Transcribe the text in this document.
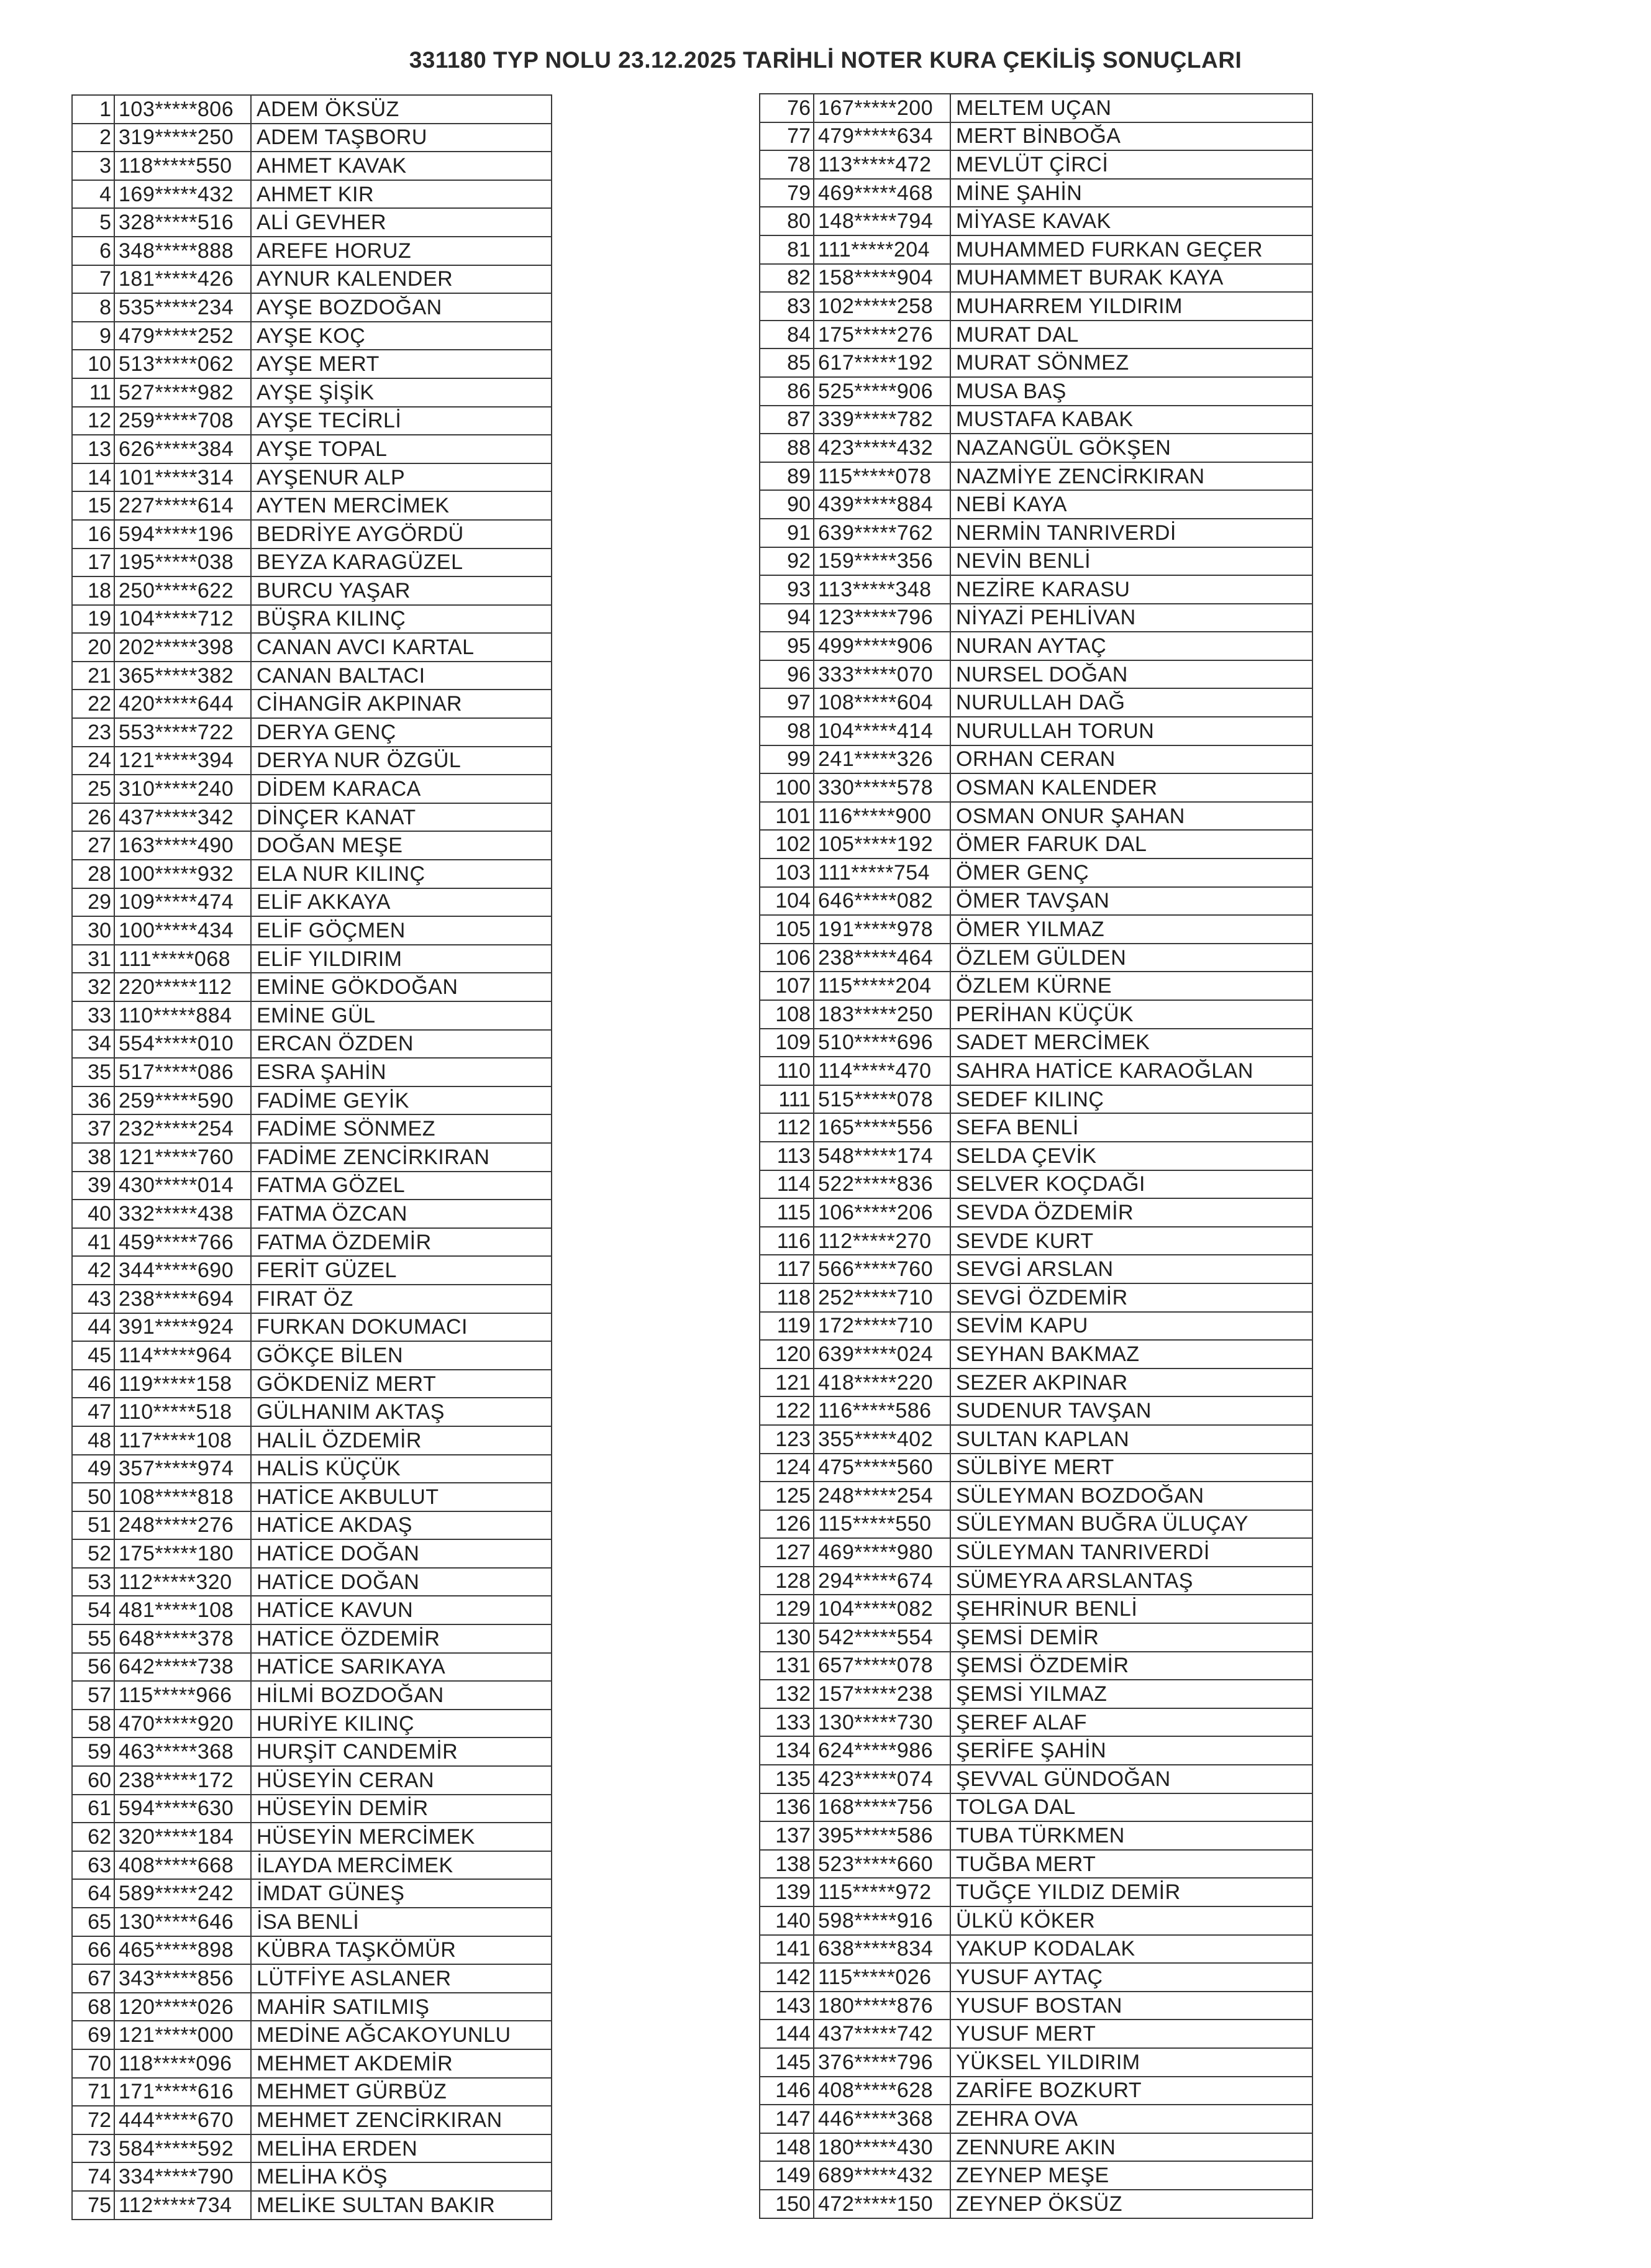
331180 TYP NOLU 23.12.2025 TARİHLİ NOTER KURA ÇEKİLİŞ SONUÇLARI
1	103*****806	ADEM ÖKSÜZ
2	319*****250	ADEM TAŞBORU
3	118*****550	AHMET KAVAK
4	169*****432	AHMET KIR
5	328*****516	ALİ GEVHER
6	348*****888	AREFE HORUZ
7	181*****426	AYNUR KALENDER
8	535*****234	AYŞE BOZDOĞAN
9	479*****252	AYŞE KOÇ
10	513*****062	AYŞE MERT
11	527*****982	AYŞE ŞİŞİK
12	259*****708	AYŞE TECİRLİ
13	626*****384	AYŞE TOPAL
14	101*****314	AYŞENUR ALP
15	227*****614	AYTEN MERCİMEK
16	594*****196	BEDRİYE AYGÖRDÜ
17	195*****038	BEYZA KARAGÜZEL
18	250*****622	BURCU YAŞAR
19	104*****712	BÜŞRA KILINÇ
20	202*****398	CANAN AVCI KARTAL
21	365*****382	CANAN BALTACI
22	420*****644	CİHANGİR AKPINAR
23	553*****722	DERYA GENÇ
24	121*****394	DERYA NUR ÖZGÜL
25	310*****240	DİDEM KARACA
26	437*****342	DİNÇER KANAT
27	163*****490	DOĞAN MEŞE
28	100*****932	ELA NUR KILINÇ
29	109*****474	ELİF AKKAYA
30	100*****434	ELİF GÖÇMEN
31	111*****068	ELİF YILDIRIM
32	220*****112	EMİNE GÖKDOĞAN
33	110*****884	EMİNE GÜL
34	554*****010	ERCAN ÖZDEN
35	517*****086	ESRA ŞAHİN
36	259*****590	FADİME GEYİK
37	232*****254	FADİME SÖNMEZ
38	121*****760	FADİME ZENCİRKIRAN
39	430*****014	FATMA GÖZEL
40	332*****438	FATMA ÖZCAN
41	459*****766	FATMA ÖZDEMİR
42	344*****690	FERİT GÜZEL
43	238*****694	FIRAT ÖZ
44	391*****924	FURKAN DOKUMACI
45	114*****964	GÖKÇE BİLEN
46	119*****158	GÖKDENİZ MERT
47	110*****518	GÜLHANIM AKTAŞ
48	117*****108	HALİL ÖZDEMİR
49	357*****974	HALİS KÜÇÜK
50	108*****818	HATİCE AKBULUT
51	248*****276	HATİCE AKDAŞ
52	175*****180	HATİCE DOĞAN
53	112*****320	HATİCE DOĞAN
54	481*****108	HATİCE KAVUN
55	648*****378	HATİCE ÖZDEMİR
56	642*****738	HATİCE SARIKAYA
57	115*****966	HİLMİ BOZDOĞAN
58	470*****920	HURİYE KILINÇ
59	463*****368	HURŞİT CANDEMİR
60	238*****172	HÜSEYİN CERAN
61	594*****630	HÜSEYİN DEMİR
62	320*****184	HÜSEYİN MERCİMEK
63	408*****668	İLAYDA MERCİMEK
64	589*****242	İMDAT GÜNEŞ
65	130*****646	İSA BENLİ
66	465*****898	KÜBRA TAŞKÖMÜR
67	343*****856	LÜTFİYE ASLANER
68	120*****026	MAHİR SATILMIŞ
69	121*****000	MEDİNE AĞCAKOYUNLU
70	118*****096	MEHMET AKDEMİR
71	171*****616	MEHMET GÜRBÜZ
72	444*****670	MEHMET ZENCİRKIRAN
73	584*****592	MELİHA ERDEN
74	334*****790	MELİHA KÖŞ
75	112*****734	MELİKE SULTAN BAKIR
76	167*****200	MELTEM UÇAN
77	479*****634	MERT BİNBOĞA
78	113*****472	MEVLÜT ÇİRCİ
79	469*****468	MİNE ŞAHİN
80	148*****794	MİYASE KAVAK
81	111*****204	MUHAMMED FURKAN GEÇER
82	158*****904	MUHAMMET BURAK KAYA
83	102*****258	MUHARREM YILDIRIM
84	175*****276	MURAT DAL
85	617*****192	MURAT SÖNMEZ
86	525*****906	MUSA BAŞ
87	339*****782	MUSTAFA KABAK
88	423*****432	NAZANGÜL GÖKŞEN
89	115*****078	NAZMİYE ZENCİRKIRAN
90	439*****884	NEBİ KAYA
91	639*****762	NERMİN TANRIVERDİ
92	159*****356	NEVİN BENLİ
93	113*****348	NEZİRE KARASU
94	123*****796	NİYAZİ PEHLİVAN
95	499*****906	NURAN AYTAÇ
96	333*****070	NURSEL DOĞAN
97	108*****604	NURULLAH DAĞ
98	104*****414	NURULLAH TORUN
99	241*****326	ORHAN CERAN
100	330*****578	OSMAN KALENDER
101	116*****900	OSMAN ONUR ŞAHAN
102	105*****192	ÖMER FARUK DAL
103	111*****754	ÖMER GENÇ
104	646*****082	ÖMER TAVŞAN
105	191*****978	ÖMER YILMAZ
106	238*****464	ÖZLEM GÜLDEN
107	115*****204	ÖZLEM KÜRNE
108	183*****250	PERİHAN KÜÇÜK
109	510*****696	SADET MERCİMEK
110	114*****470	SAHRA HATİCE KARAOĞLAN
111	515*****078	SEDEF KILINÇ
112	165*****556	SEFA BENLİ
113	548*****174	SELDA ÇEVİK
114	522*****836	SELVER KOÇDAĞI
115	106*****206	SEVDA ÖZDEMİR
116	112*****270	SEVDE KURT
117	566*****760	SEVGİ ARSLAN
118	252*****710	SEVGİ ÖZDEMİR
119	172*****710	SEVİM KAPU
120	639*****024	SEYHAN BAKMAZ
121	418*****220	SEZER AKPINAR
122	116*****586	SUDENUR TAVŞAN
123	355*****402	SULTAN KAPLAN
124	475*****560	SÜLBİYE MERT
125	248*****254	SÜLEYMAN BOZDOĞAN
126	115*****550	SÜLEYMAN BUĞRA ÜLUÇAY
127	469*****980	SÜLEYMAN TANRIVERDİ
128	294*****674	SÜMEYRA ARSLANTAŞ
129	104*****082	ŞEHRİNUR BENLİ
130	542*****554	ŞEMSİ DEMİR
131	657*****078	ŞEMSİ ÖZDEMİR
132	157*****238	ŞEMSİ YILMAZ
133	130*****730	ŞEREF ALAF
134	624*****986	ŞERİFE ŞAHİN
135	423*****074	ŞEVVAL GÜNDOĞAN
136	168*****756	TOLGA DAL
137	395*****586	TUBA TÜRKMEN
138	523*****660	TUĞBA MERT
139	115*****972	TUĞÇE YILDIZ DEMİR
140	598*****916	ÜLKÜ KÖKER
141	638*****834	YAKUP KODALAK
142	115*****026	YUSUF AYTAÇ
143	180*****876	YUSUF BOSTAN
144	437*****742	YUSUF MERT
145	376*****796	YÜKSEL YILDIRIM
146	408*****628	ZARİFE BOZKURT
147	446*****368	ZEHRA OVA
148	180*****430	ZENNURE AKIN
149	689*****432	ZEYNEP MEŞE
150	472*****150	ZEYNEP ÖKSÜZ
